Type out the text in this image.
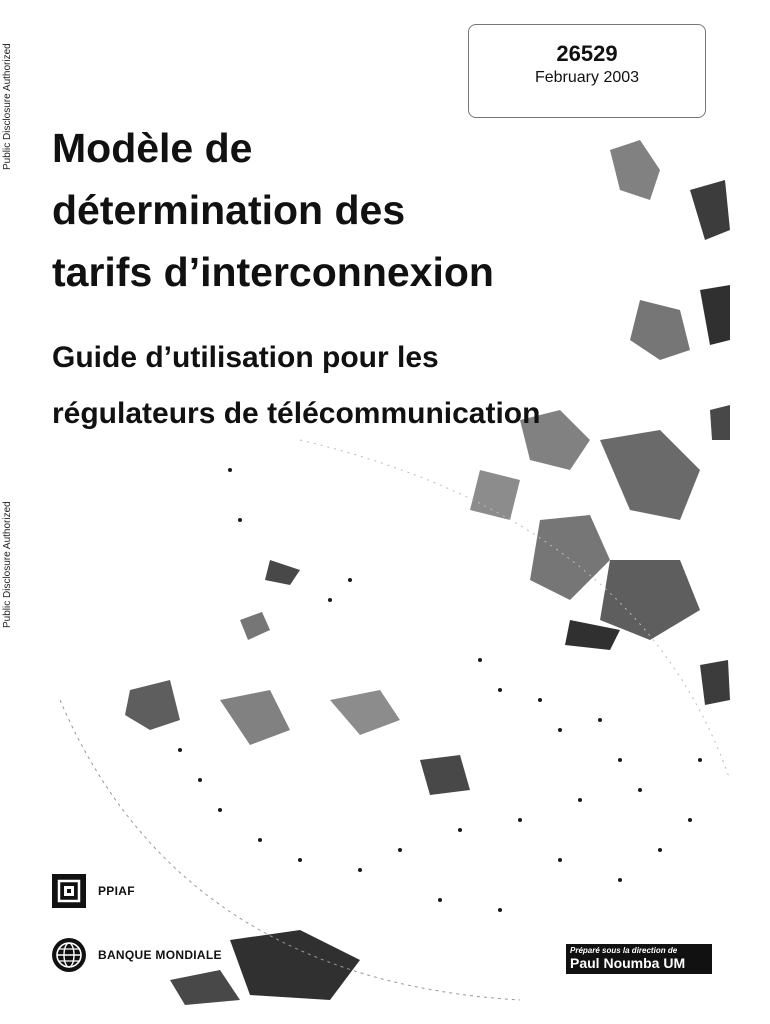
Public Disclosure Authorized
Public Disclosure Authorized
26529
February 2003
Modèle de
détermination des
tarifs d’interconnexion
Guide d’utilisation pour les
régulateurs de télécommunication
PPIAF
BANQUE MONDIALE	Préparé sous la direction de
Paul Noumba UM
